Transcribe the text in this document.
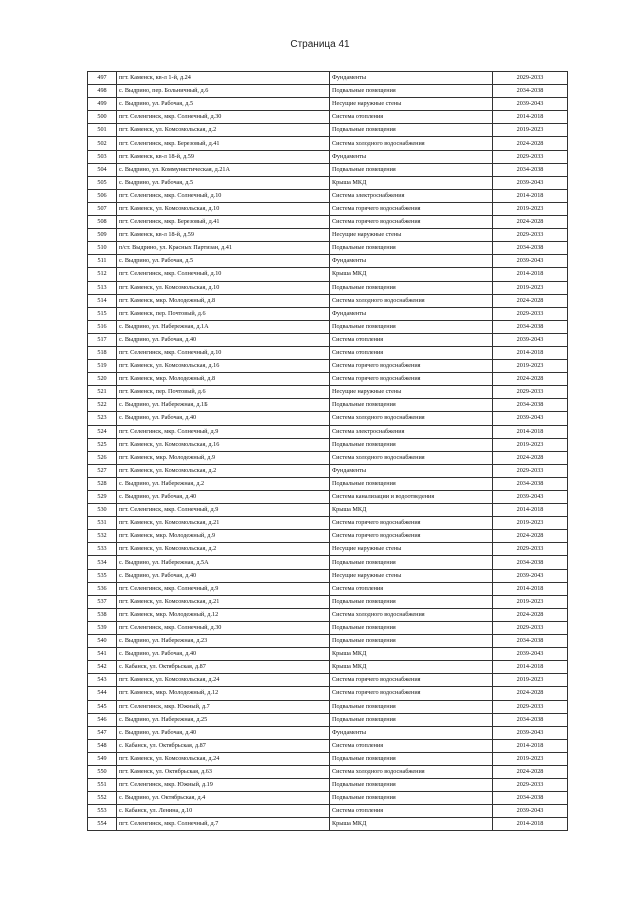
Страница 41
497	пгт. Каменск, кв-л 1-й, д.24	Фундаменты	2029-2033
498	с. Выдрино, пер. Больничный, д.6	Подвальные помещения	2034-2038
499	с. Выдрино, ул. Рабочая, д.5	Несущие наружные стены	2039-2043
500	пгт. Селенгинск, мкр. Солнечный, д.30	Система отопления	2014-2018
501	пгт. Каменск, ул. Комсомольская, д.2	Подвальные помещения	2019-2023
502	пгт. Селенгинск, мкр. Березовый, д.41	Система холодного водоснабжения	2024-2028
503	пгт. Каменск, кв-л 18-й, д.59	Фундаменты	2029-2033
504	с. Выдрино, ул. Коммунистическая, д.21А	Подвальные помещения	2034-2038
505	с. Выдрино, ул. Рабочая, д.5	Крыша МКД	2039-2043
506	пгт. Селенгинск, мкр. Солнечный, д.10	Система электроснабжения	2014-2018
507	пгт. Каменск, ул. Комсомольская, д.10	Система горячего водоснабжения	2019-2023
508	пгт. Селенгинск, мкр. Березовый, д.41	Система горячего водоснабжения	2024-2028
509	пгт. Каменск, кв-л 18-й, д.59	Несущие наружные стены	2029-2033
510	п/ст. Выдрино, ул. Красных Партизан, д.41	Подвальные помещения	2034-2038
511	с. Выдрино, ул. Рабочая, д.5	Фундаменты	2039-2043
512	пгт. Селенгинск, мкр. Солнечный, д.10	Крыша МКД	2014-2018
513	пгт. Каменск, ул. Комсомольская, д.10	Подвальные помещения	2019-2023
514	пгт. Каменск, мкр. Молодежный, д.8	Система холодного водоснабжения	2024-2028
515	пгт. Каменск, пер. Почтовый, д.6	Фундаменты	2029-2033
516	с. Выдрино, ул. Набережная, д.1А	Подвальные помещения	2034-2038
517	с. Выдрино, ул. Рабочая, д.40	Система отопления	2039-2043
518	пгт. Селенгинск, мкр. Солнечный, д.10	Система отопления	2014-2018
519	пгт. Каменск, ул. Комсомольская, д.16	Система горячего водоснабжения	2019-2023
520	пгт. Каменск, мкр. Молодежный, д.8	Система горячего водоснабжения	2024-2028
521	пгт. Каменск, пер. Почтовый, д.6	Несущие наружные стены	2029-2033
522	с. Выдрино, ул. Набережная, д.1Б	Подвальные помещения	2034-2038
523	с. Выдрино, ул. Рабочая, д.40	Система холодного водоснабжения	2039-2043
524	пгт. Селенгинск, мкр. Солнечный, д.9	Система электроснабжения	2014-2018
525	пгт. Каменск, ул. Комсомольская, д.16	Подвальные помещения	2019-2023
526	пгт. Каменск, мкр. Молодежный, д.9	Система холодного водоснабжения	2024-2028
527	пгт. Каменск, ул. Комсомольская, д.2	Фундаменты	2029-2033
528	с. Выдрино, ул. Набережная, д.2	Подвальные помещения	2034-2038
529	с. Выдрино, ул. Рабочая, д.40	Система канализации и водоотведения	2039-2043
530	пгт. Селенгинск, мкр. Солнечный, д.9	Крыша МКД	2014-2018
531	пгт. Каменск, ул. Комсомольская, д.21	Система горячего водоснабжения	2019-2023
532	пгт. Каменск, мкр. Молодежный, д.9	Система горячего водоснабжения	2024-2028
533	пгт. Каменск, ул. Комсомольская, д.2	Несущие наружные стены	2029-2033
534	с. Выдрино, ул. Набережная, д.5А	Подвальные помещения	2034-2038
535	с. Выдрино, ул. Рабочая, д.40	Несущие наружные стены	2039-2043
536	пгт. Селенгинск, мкр. Солнечный, д.9	Система отопления	2014-2018
537	пгт. Каменск, ул. Комсомольская, д.21	Подвальные помещения	2019-2023
538	пгт. Каменск, мкр. Молодежный, д.12	Система холодного водоснабжения	2024-2028
539	пгт. Селенгинск, мкр. Солнечный, д.30	Подвальные помещения	2029-2033
540	с. Выдрино, ул. Набережная, д.23	Подвальные помещения	2034-2038
541	с. Выдрино, ул. Рабочая, д.40	Крыша МКД	2039-2043
542	с. Кабанск, ул. Октябрьская, д.87	Крыша МКД	2014-2018
543	пгт. Каменск, ул. Комсомольская, д.24	Система горячего водоснабжения	2019-2023
544	пгт. Каменск, мкр. Молодежный, д.12	Система горячего водоснабжения	2024-2028
545	пгт. Селенгинск, мкр. Южный, д.7	Подвальные помещения	2029-2033
546	с. Выдрино, ул. Набережная, д.25	Подвальные помещения	2034-2038
547	с. Выдрино, ул. Рабочая, д.40	Фундаменты	2039-2043
548	с. Кабанск, ул. Октябрьская, д.87	Система отопления	2014-2018
549	пгт. Каменск, ул. Комсомольская, д.24	Подвальные помещения	2019-2023
550	пгт. Каменск, ул. Октябрьская, д.63	Система холодного водоснабжения	2024-2028
551	пгт. Селенгинск, мкр. Южный, д.19	Подвальные помещения	2029-2033
552	с. Выдрино, ул. Октябрьская, д.4	Подвальные помещения	2034-2038
553	с. Кабанск, ул. Ленина, д.10	Система отопления	2039-2043
554	пгт. Селенгинск, мкр. Солнечный, д.7	Крыша МКД	2014-2018
